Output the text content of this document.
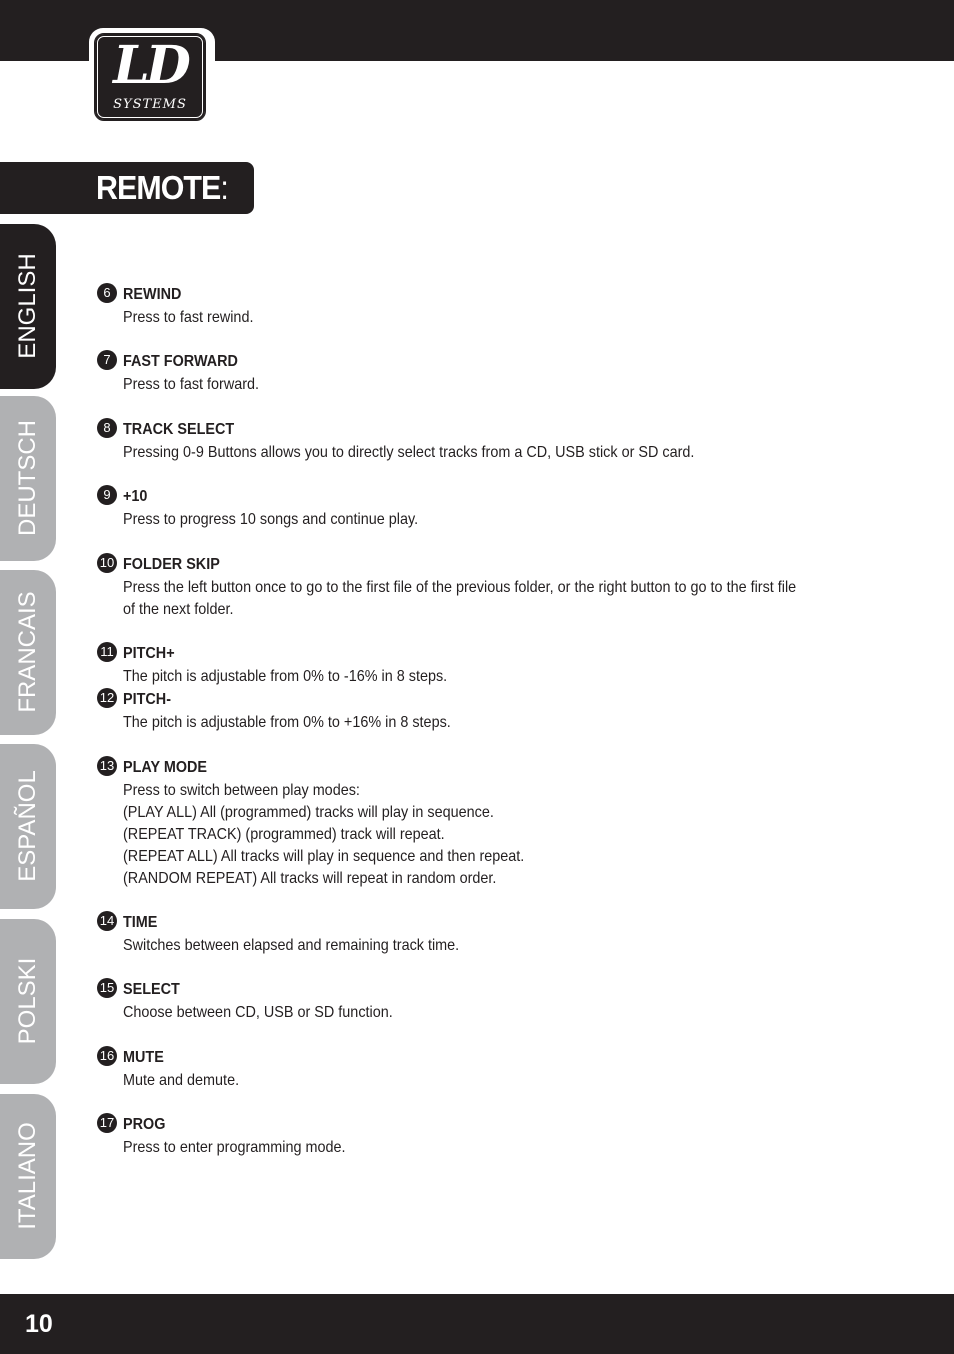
LD
SYSTEMS
REMOTE:
ENGLISH
DEUTSCH
FRANCAIS
ESPAÑOL
POLSKI
ITALIANO
6 REWIND
Press to fast rewind.
7 FAST FORWARD
Press to fast forward.
8 TRACK SELECT
Pressing 0-9 Buttons allows you to directly select tracks from a CD, USB stick or SD card.
9 +10
Press to progress 10 songs and continue play.
10 FOLDER SKIP
Press the left button once to go to the first file of the previous folder, or the right button to go to the first file
of the next folder.
11 PITCH+
The pitch is adjustable from 0% to -16% in 8 steps.
12 PITCH-
The pitch is adjustable from 0% to +16% in 8 steps.
13 PLAY MODE
Press to switch between play modes:
(PLAY ALL) All (programmed) tracks will play in sequence.
(REPEAT TRACK) (programmed) track will repeat.
(REPEAT ALL) All tracks will play in sequence and then repeat.
(RANDOM REPEAT) All tracks will repeat in random order.
14 TIME
Switches between elapsed and remaining track time.
15 SELECT
Choose between CD, USB or SD function.
16 MUTE
Mute and demute.
17 PROG
Press to enter programming mode.
10
